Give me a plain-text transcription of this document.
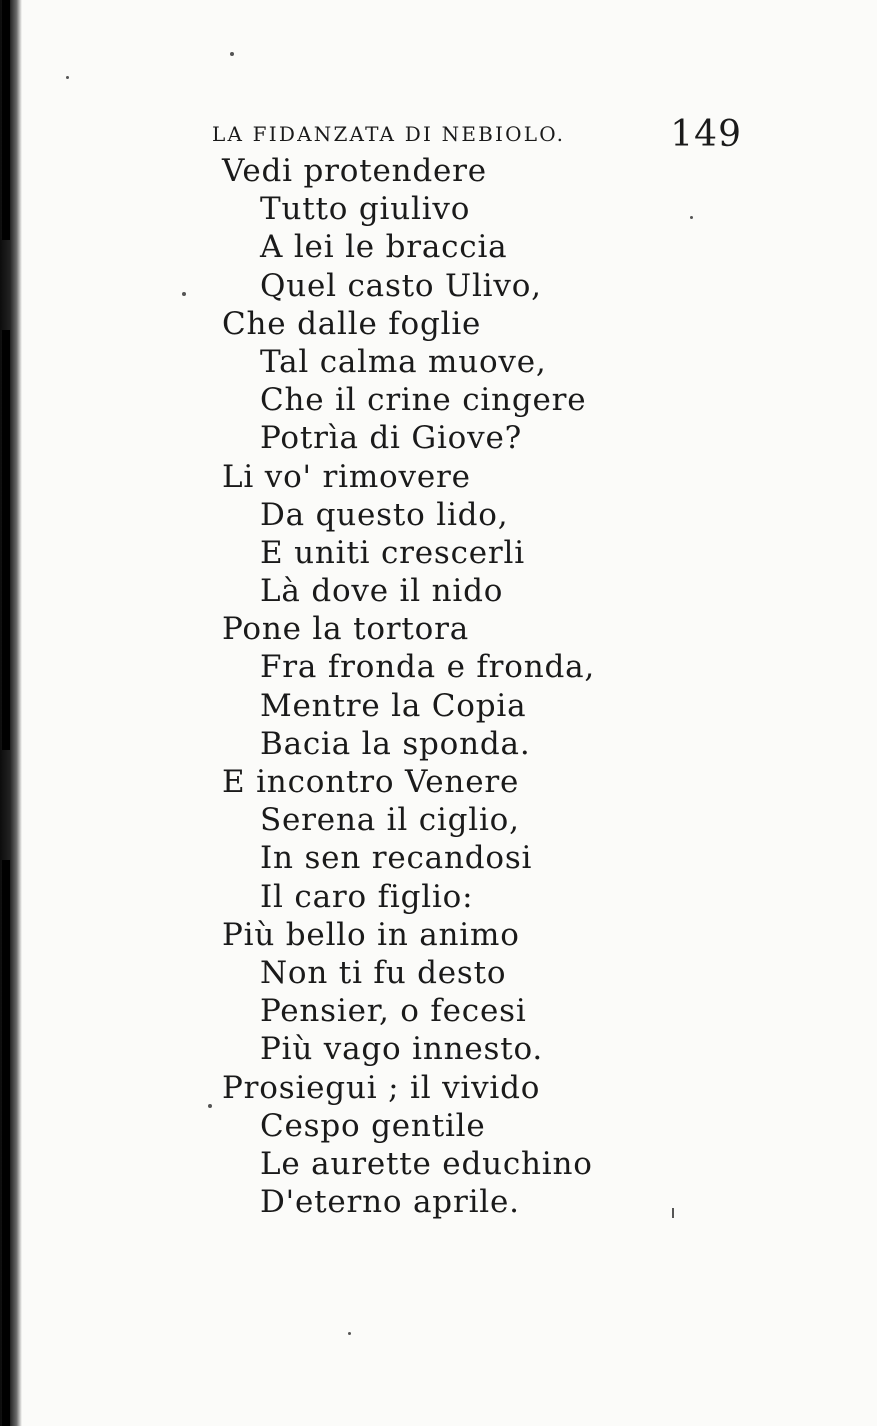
LA FIDANZATA DI NEBIOLO.	149
Vedi protendere
Tutto giulivo
A lei le braccia
Quel casto Ulivo,
Che dalle foglie
Tal calma muove,
Che il crine cingere
Potrìa di Giove?
Li vo' rimovere
Da questo lido,
E uniti crescerli
Là dove il nido
Pone la tortora
Fra fronda e fronda,
Mentre la Copia
Bacia la sponda.
E incontro Venere
Serena il ciglio,
In sen recandosi
Il caro figlio:
Più bello in animo
Non ti fu desto
Pensier, o fecesi
Più vago innesto.
Prosiegui ; il vivido
Cespo gentile
Le aurette educhino
D'eterno aprile.
